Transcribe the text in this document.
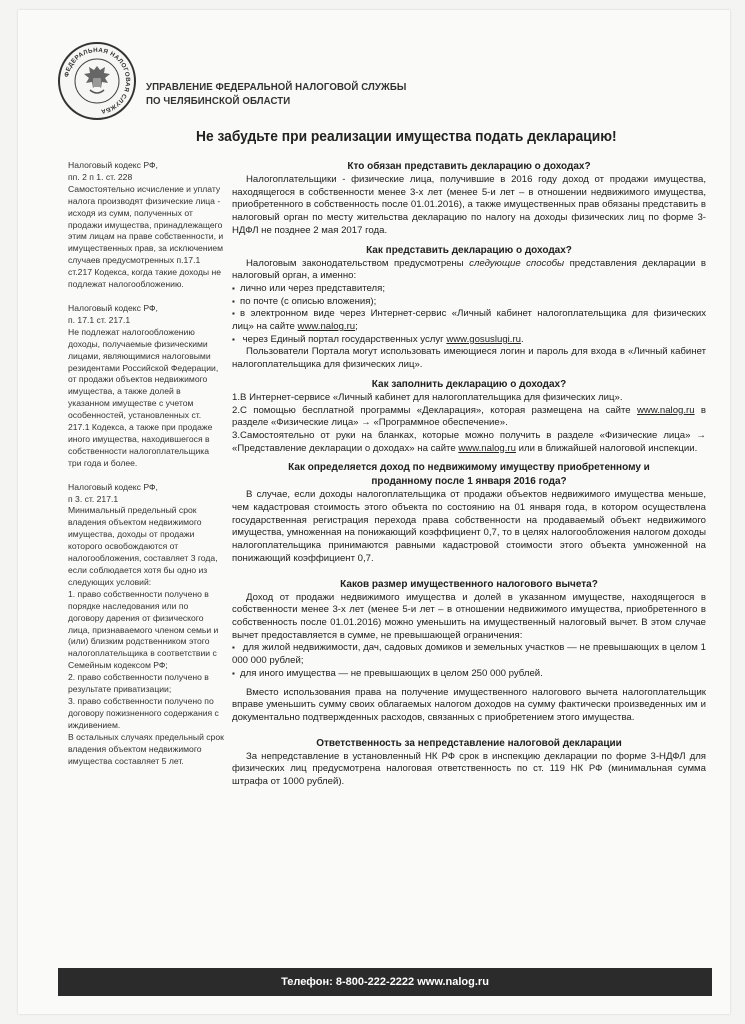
ФЕДЕРАЛЬНАЯ НАЛОГОВАЯ СЛУЖБА
УПРАВЛЕНИЕ ФЕДЕРАЛЬНОЙ НАЛОГОВОЙ СЛУЖБЫ
ПО ЧЕЛЯБИНСКОЙ ОБЛАСТИ
Не забудьте при реализации имущества подать декларацию!

Налоговый кодекс РФ,

пп. 2 п 1. ст. 228

Самостоятельно исчисление и уплату налога производят физические лица - исходя из сумм, полученных от продажи имущества, принадлежащего этим лицам на праве собственности, и имущественных прав, за исключением случаев предусмотренных п.17.1 ст.217 Кодекса, когда такие доходы не подлежат налогообложению.

Налоговый кодекс РФ,

п. 17.1 ст. 217.1

Не подлежат налогообложению доходы, получаемые физическими лицами, являющимися налоговыми резидентами Российской Федерации, от продажи объектов недвижимого имущества, а также долей в указанном имуществе с учетом особенностей, установленных ст. 217.1 Кодекса, а также при продаже иного имущества, находившегося в собственности налогоплательщика три года и более.

Налоговый кодекс РФ,

п 3. ст. 217.1

Минимальный предельный срок владения объектом недвижимого имущества, доходы от продажи которого освобождаются от налогообложения, составляет 3 года, если соблюдается хотя бы одно из следующих условий:

1. право собственности получено в порядке наследования или по договору дарения от физического лица, признаваемого членом семьи и (или) близким родственником этого налогоплательщика в соответствии с Семейным кодексом РФ;

2. право собственности получено в результате приватизации;

3. право собственности получено по договору пожизненного содержания с иждивением.

В остальных случаях предельный срок владения объектом недвижимого имущества составляет 5 лет.

Кто обязан представить декларацию о доходах?

Налогоплательщики - физические лица, получившие в 2016 году доход от продажи имущества, находящегося в собственности менее 3-х лет (менее 5-и лет – в отношении недвижимого имущества, приобретенного в собственность после 01.01.2016), а также имущественных прав обязаны представить в налоговый орган по месту жительства декларацию по налогу на доходы физических лиц по форме 3-НДФЛ не позднее 2 мая 2017 года.

Как представить декларацию о доходах?

Налоговым законодательством предусмотрены следующие способы представления декларации в налоговый орган, а именно:

▪ лично или через представителя;

▪ по почте (с описью вложения);

▪ в электронном виде через Интернет-сервис «Личный кабинет налогоплательщика для физических лиц» на сайте www.nalog.ru;

▪ через Единый портал государственных услуг www.gosuslugi.ru.

Пользователи Портала могут использовать имеющиеся логин и пароль для входа в «Личный кабинет налогоплательщика для физических лиц».

Как заполнить декларацию о доходах?

1.В Интернет-сервисе «Личный кабинет для налогоплательщика для физических лиц».

2.С помощью бесплатной программы «Декларация», которая размещена на сайте www.nalog.ru в разделе «Физические лица» → «Программное обеспечение».

3.Самостоятельно от руки на бланках, которые можно получить в разделе «Физические лица» → «Представление декларации о доходах» на сайте www.nalog.ru или в ближайшей налоговой инспекции.

Как определяется доход по недвижимому имуществу приобретенному и
проданному после 1 января 2016 года?

В случае, если доходы налогоплательщика от продажи объектов недвижимого имущества меньше, чем кадастровая стоимость этого объекта по состоянию на 01 января года, в котором осуществлена государственная регистрация перехода права собственности на продаваемый объект недвижимого имущества, умноженная на понижающий коэффициент 0,7, то в целях налогообложения налогом доходы налогоплательщика принимаются равными кадастровой стоимости этого объекта умноженной на понижающий коэффициент 0,7.

Каков размер имущественного налогового вычета?

Доход от продажи недвижимого имущества и долей в указанном имуществе, находящегося в собственности менее 3-х лет (менее 5-и лет – в отношении недвижимого имущества, приобретенного в собственность после 01.01.2016) можно уменьшить на имущественный налоговый вычет. В этом случае вычет предоставляется в сумме, не превышающей ограничения:

▪ для жилой недвижимости, дач, садовых домиков и земельных участков — не превышающих в целом 1 000 000 рублей;

▪ для иного имущества — не превышающих в целом 250 000 рублей.

Вместо использования права на получение имущественного налогового вычета налогоплательщик вправе уменьшить сумму своих облагаемых налогом доходов на сумму фактически произведенных им и документально подтвержденных расходов, связанных с приобретением этого имущества.

Ответственность за непредставление налоговой декларации

За непредставление в установленный НК РФ срок в инспекцию декларации по форме 3-НДФЛ для физических лиц предусмотрена налоговая ответственность по ст. 119 НК РФ (минимальная сумма штрафа от 1000 рублей).

Телефон: 8-800-222-2222 www.nalog.ru
